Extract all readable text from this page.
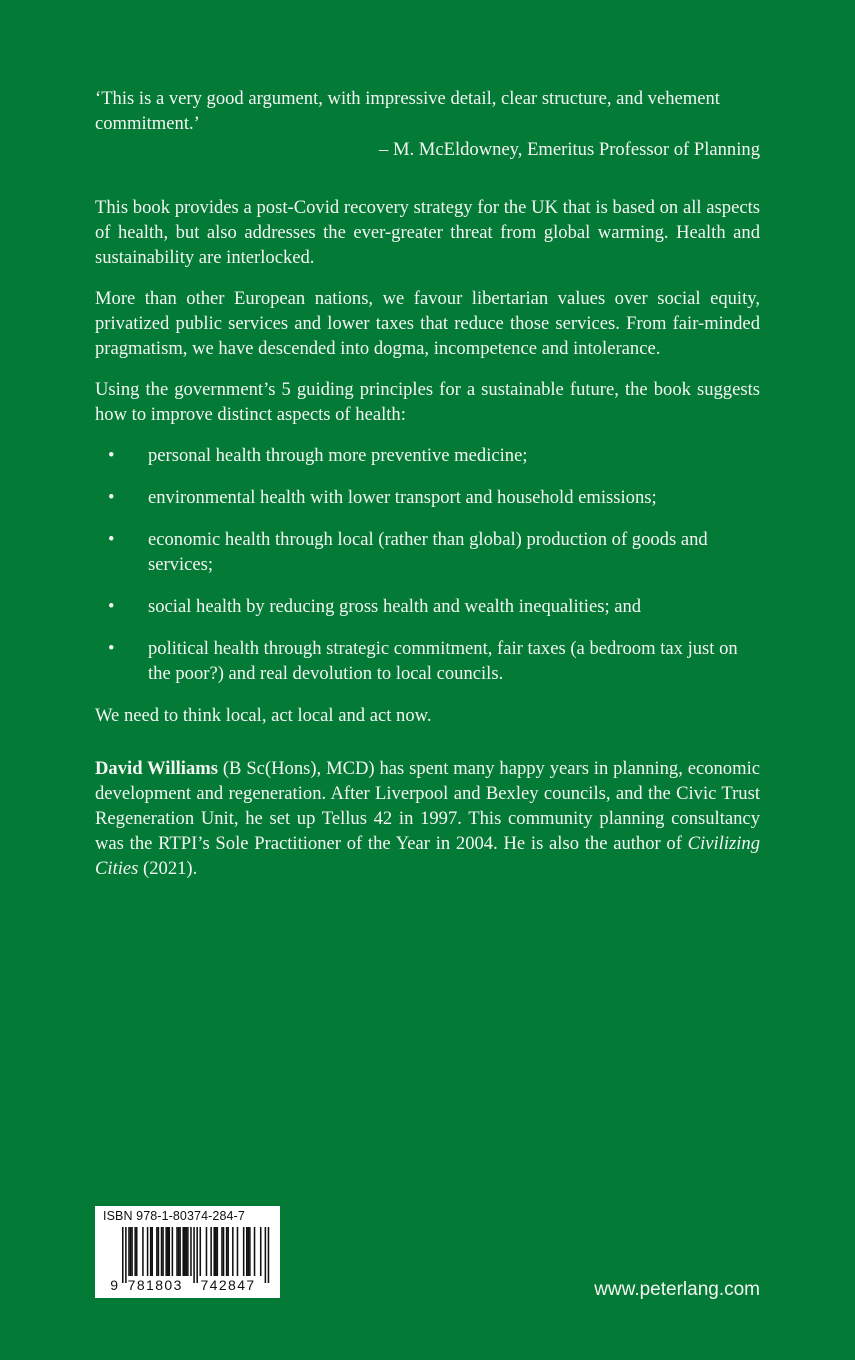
‘This is a very good argument, with impressive detail, clear structure, and vehement commitment.’

– M. McEldowney, Emeritus Professor of Planning

This book provides a post-Covid recovery strategy for the UK that is based on all aspects of health, but also addresses the ever-greater threat from global warming. Health and sustainability are interlocked.

More than other European nations, we favour libertarian values over social equity, privatized public services and lower taxes that reduce those services. From fair-minded pragmatism, we have descended into dogma, incompetence and intolerance.

Using the government’s 5 guiding principles for a sustainable future, the book suggests how to improve distinct aspects of health:

• personal health through more preventive medicine;
• environmental health with lower transport and household emissions;
• economic health through local (rather than global) production of goods and services;
• social health by reducing gross health and wealth inequalities; and
• political health through strategic commitment, fair taxes (a bedroom tax just on the poor?) and real devolution to local councils.

We need to think local, act local and act now.

David Williams (B Sc(Hons), MCD) has spent many happy years in planning, economic development and regeneration. After Liverpool and Bexley councils, and the Civic Trust Regeneration Unit, he set up Tellus 42 in 1997. This community planning consultancy was the RTPI’s Sole Practitioner of the Year in 2004. He is also the author of Civilizing Cities (2021).

ISBN 978-1-80374-284-7
9 781803 742847	www.peterlang.com
